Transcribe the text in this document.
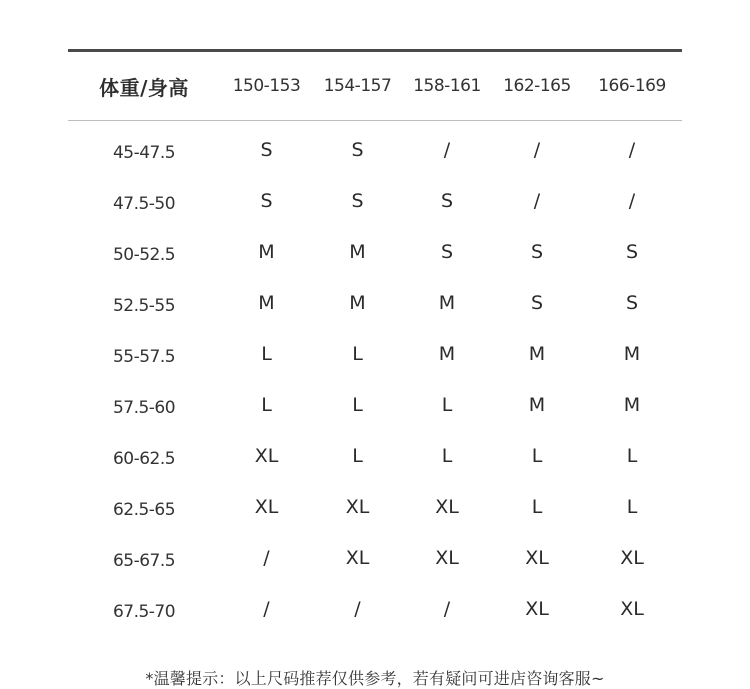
体重/身高	150-153	154-157	158-161	162-165	166-169
45-47.5	S	S	/	/	/
47.5-50	S	S	S	/	/
50-52.5	M	M	S	S	S
52.5-55	M	M	M	S	S
55-57.5	L	L	M	M	M
57.5-60	L	L	L	M	M
60-62.5	XL	L	L	L	L
62.5-65	XL	XL	XL	L	L
65-67.5	/	XL	XL	XL	XL
67.5-70	/	/	/	XL	XL
*温馨提示：以上尺码推荐仅供参考，若有疑问可进店咨询客服~
